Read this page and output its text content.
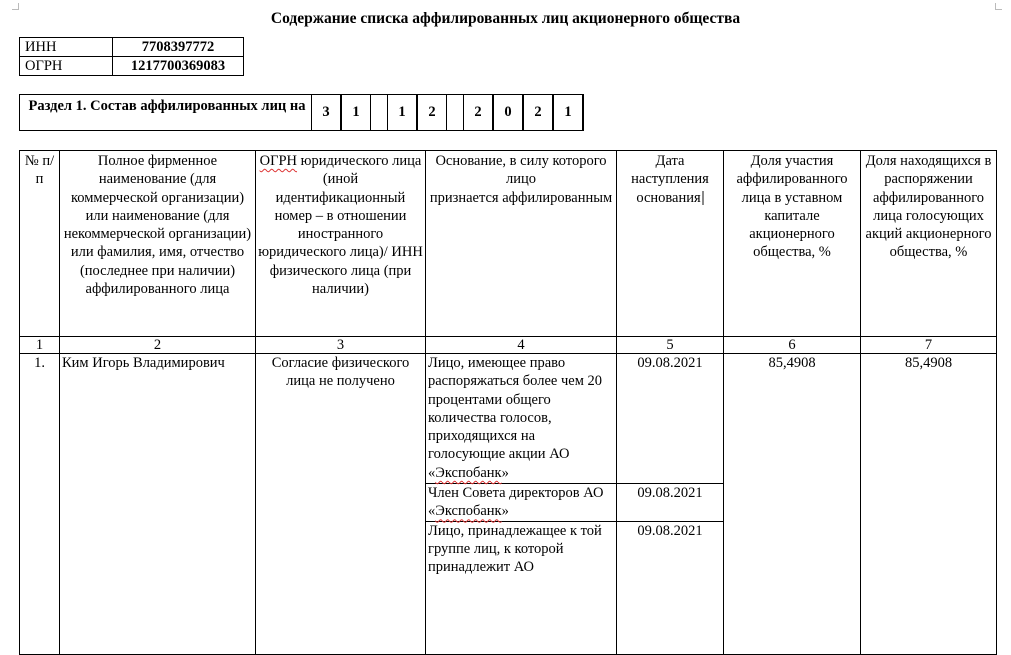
Содержание списка аффилированных лиц акционерного общества
ИНН	7708397772
ОГРН	1217700369083
Раздел 1. Состав аффилированных лиц на	3	1	1	2	2	0	2	1
№ п/п	Полное фирменное наименование (для коммерческой организации) или наименование (для некоммерческой организации) или фамилия, имя, отчество (последнее при наличии) аффилированного лица	ОГРН юридического лица (иной идентификационный номер – в отношении иностранного юридического лица)/ ИНН физического лица (при наличии)	Основание, в силу которого лицо
признается аффилированным	Дата наступления основания	Доля участия аффилированного лица в уставном капитале акционерного общества, %	Доля находящихся в распоряжении аффилированного лица голосующих акций акционерного общества, %
1	2	3	4	5	6	7
1.	Ким Игорь Владимирович	Согласие физического лица не получено	Лицо, имеющее право распоряжаться более чем 20 процентами общего количества голосов, приходящихся на голосующие акции АО «Экспобанк»	09.08.2021	85,4908	85,4908
			Член Совета директоров АО «Экспобанк»	09.08.2021		
			Лицо, принадлежащее к той группе лиц, к которой принадлежит АО	09.08.2021		
